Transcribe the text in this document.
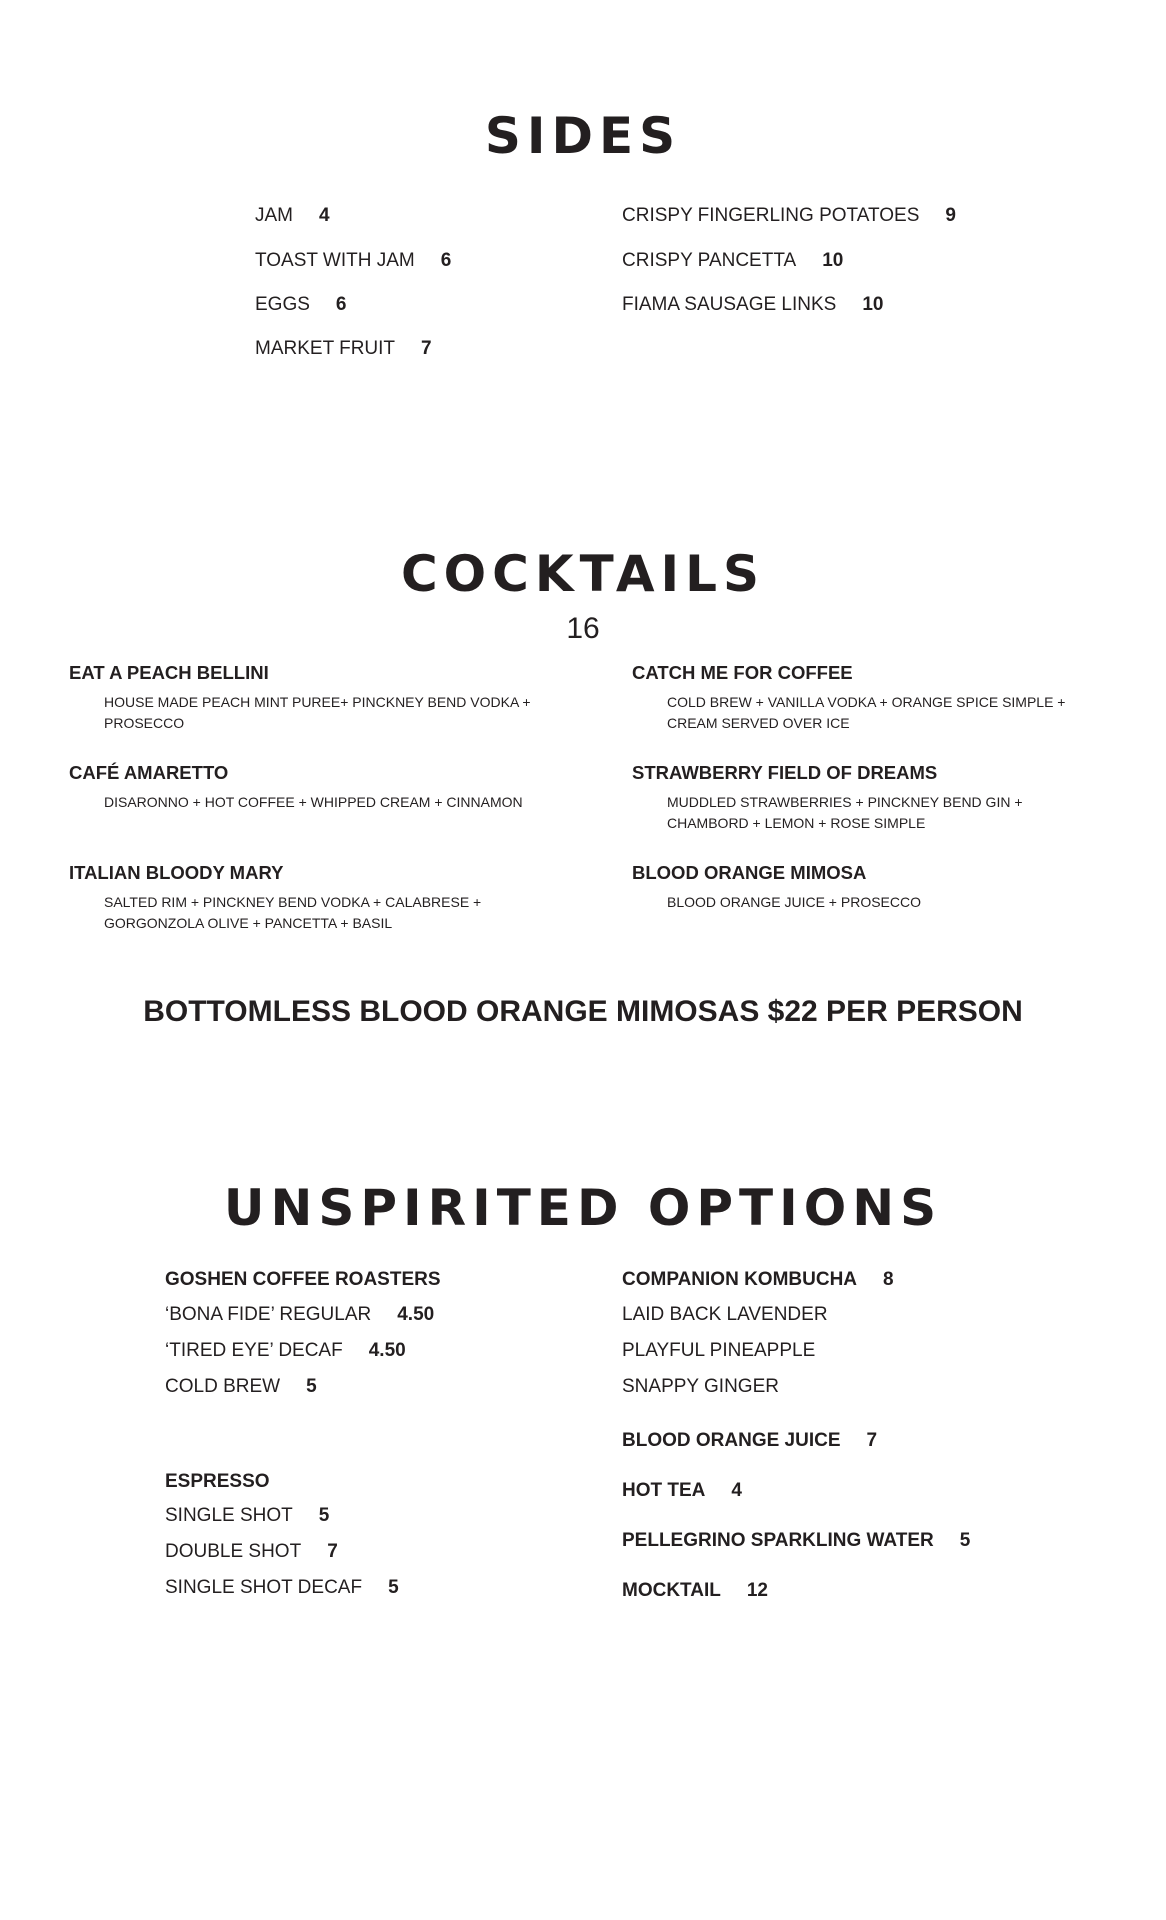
SIDES
JAM 4
TOAST WITH JAM 6
EGGS 6
MARKET FRUIT 7
CRISPY FINGERLING POTATOES 9
CRISPY PANCETTA 10
FIAMA SAUSAGE LINKS 10
COCKTAILS
16
EAT A PEACH BELLINI
HOUSE MADE PEACH MINT PUREE+ PINCKNEY BEND VODKA + PROSECCO
CAFÉ AMARETTO
DISARONNO + HOT COFFEE + WHIPPED CREAM + CINNAMON
ITALIAN BLOODY MARY
SALTED RIM + PINCKNEY BEND VODKA + CALABRESE + GORGONZOLA OLIVE + PANCETTA + BASIL
CATCH ME FOR COFFEE
COLD BREW + VANILLA VODKA + ORANGE SPICE SIMPLE + CREAM SERVED OVER ICE
STRAWBERRY FIELD OF DREAMS
MUDDLED STRAWBERRIES + PINCKNEY BEND GIN + CHAMBORD + LEMON + ROSE SIMPLE
BLOOD ORANGE MIMOSA
BLOOD ORANGE JUICE + PROSECCO
BOTTOMLESS BLOOD ORANGE MIMOSAS $22 PER PERSON
UNSPIRITED OPTIONS
GOSHEN COFFEE ROASTERS
‘BONA FIDE’ REGULAR 4.50
‘TIRED EYE’ DECAF 4.50
COLD BREW 5
ESPRESSO
SINGLE SHOT 5
DOUBLE SHOT 7
SINGLE SHOT DECAF 5
COMPANION KOMBUCHA 8
LAID BACK LAVENDER
PLAYFUL PINEAPPLE
SNAPPY GINGER
BLOOD ORANGE JUICE 7
HOT TEA 4
PELLEGRINO SPARKLING WATER 5
MOCKTAIL 12
